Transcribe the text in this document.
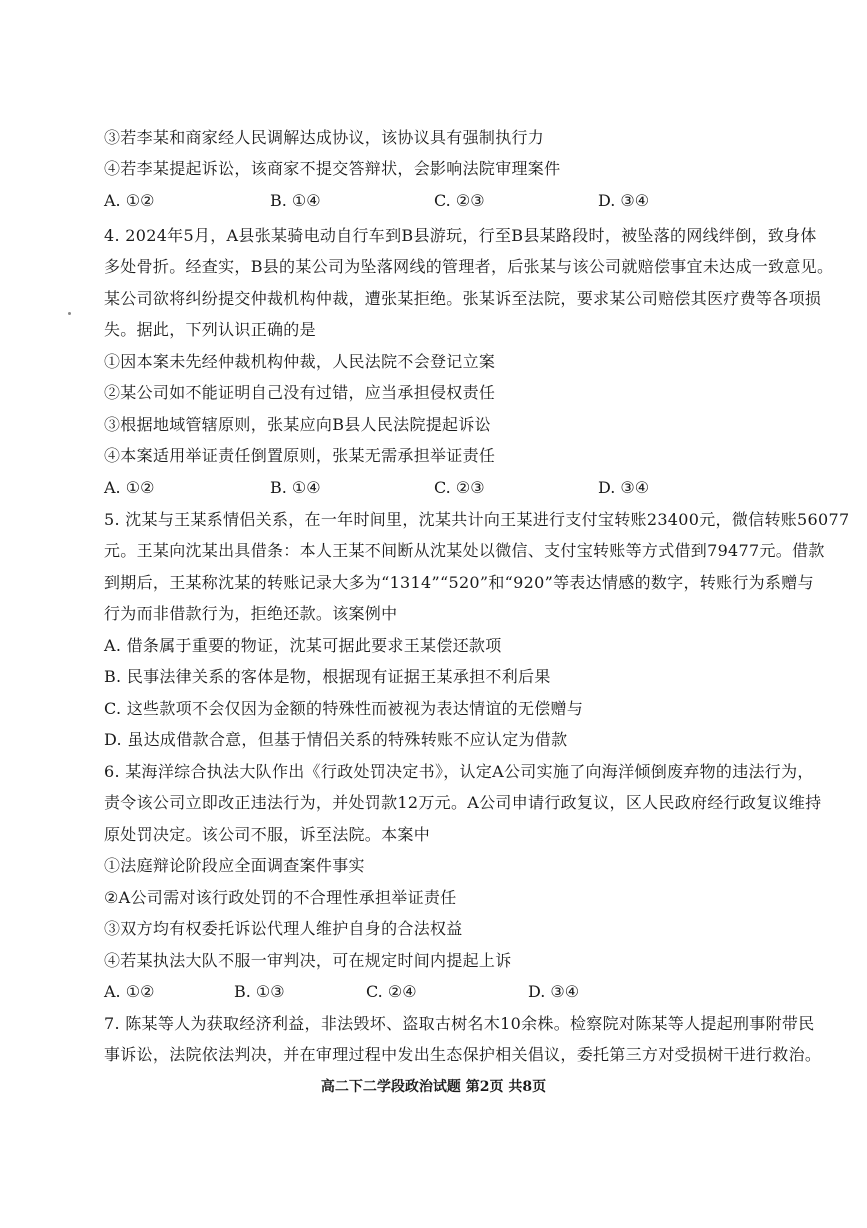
③若李某和商家经人民调解达成协议，该协议具有强制执行力
④若李某提起诉讼，该商家不提交答辩状，会影响法院审理案件
A. ①②	B. ①④	C. ②③	D. ③④
4. 2024年5月，A县张某骑电动自行车到B县游玩，行至B县某路段时，被坠落的网线绊倒，致身体
多处骨折。经查实，B县的某公司为坠落网线的管理者，后张某与该公司就赔偿事宜未达成一致意见。
某公司欲将纠纷提交仲裁机构仲裁，遭张某拒绝。张某诉至法院，要求某公司赔偿其医疗费等各项损
失。据此，下列认识正确的是
①因本案未先经仲裁机构仲裁，人民法院不会登记立案
②某公司如不能证明自己没有过错，应当承担侵权责任
③根据地域管辖原则，张某应向B县人民法院提起诉讼
④本案适用举证责任倒置原则，张某无需承担举证责任
A. ①②	B. ①④	C. ②③	D. ③④
5. 沈某与王某系情侣关系，在一年时间里，沈某共计向王某进行支付宝转账23400元，微信转账56077
元。王某向沈某出具借条：本人王某不间断从沈某处以微信、支付宝转账等方式借到79477元。借款
到期后，王某称沈某的转账记录大多为“1314”“520”和“920”等表达情感的数字，转账行为系赠与
行为而非借款行为，拒绝还款。该案例中
A. 借条属于重要的物证，沈某可据此要求王某偿还款项
B. 民事法律关系的客体是物，根据现有证据王某承担不利后果
C. 这些款项不会仅因为金额的特殊性而被视为表达情谊的无偿赠与
D. 虽达成借款合意，但基于情侣关系的特殊转账不应认定为借款
6. 某海洋综合执法大队作出《行政处罚决定书》，认定A公司实施了向海洋倾倒废弃物的违法行为，
责令该公司立即改正违法行为，并处罚款12万元。A公司申请行政复议，区人民政府经行政复议维持
原处罚决定。该公司不服，诉至法院。本案中
①法庭辩论阶段应全面调查案件事实
②A公司需对该行政处罚的不合理性承担举证责任
③双方均有权委托诉讼代理人维护自身的合法权益
④若某执法大队不服一审判决，可在规定时间内提起上诉
A. ①②	B. ①③	C. ②④	D. ③④
7. 陈某等人为获取经济利益，非法毁坏、盗取古树名木10余株。检察院对陈某等人提起刑事附带民
事诉讼，法院依法判决，并在审理过程中发出生态保护相关倡议，委托第三方对受损树干进行救治。
高二下二学段政治试题 第2页 共8页
